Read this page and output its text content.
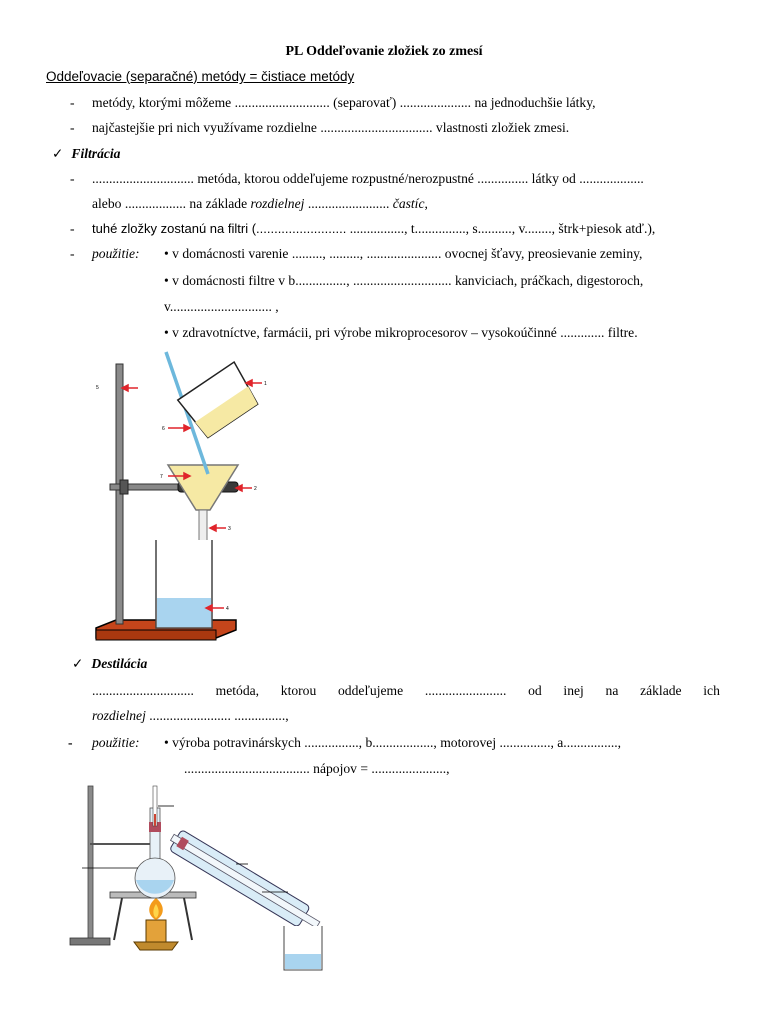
PL Oddeľovanie zložiek zo zmesí
Oddeľovacie (separačné) metódy = čistiace metódy
- metódy, ktorými môžeme ............................ (separovať) ..................... na jednoduchšie látky,
- najčastejšie pri nich využívame rozdielne ................................. vlastnosti zložiek zmesi.
✓ Filtrácia
- .............................. metóda, ktorou oddeľujeme rozpustné/nerozpustné ............... látky od ...................
alebo .................. na základe rozdielnej ........................ častíc,
- tuhé zložky zostanú na filtri (......................... ................, t..............., s.........., v........, štrk+piesok atď.),
- použitie: • v domácnosti varenie ........., ........., ...................... ovocnej šťavy, preosievanie zeminy,
• v domácnosti filtre v b..............., ............................. kanviciach, práčkach, digestoroch,
v.............................. ,
• v zdravotníctve, farmácii, pri výrobe mikroprocesorov – vysokoúčinné ............. filtre.
1
2
3
4
5
6
7
✓ Destilácia
.............................. metóda, ktorou oddeľujeme ........................ od inej na základe ich
rozdielnej ........................ ...............,
- použitie: • výroba potravinárskych ................, b.................., motorovej ..............., a................,
..................................... nápojov = ......................,
